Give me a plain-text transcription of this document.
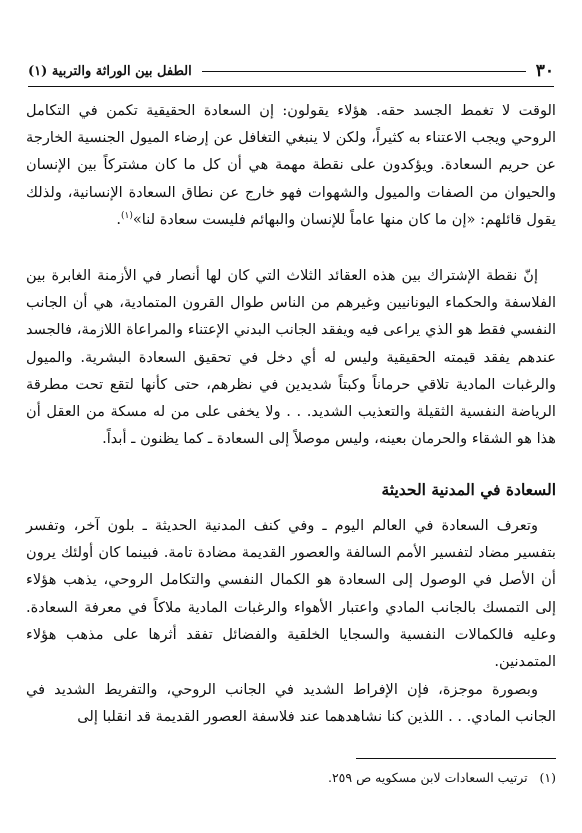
٣٠
الطفل بين الوراثة والتربية (١)

الوقت لا تغمط الجسد حقه. هؤلاء يقولون: إن السعادة الحقيقية تكمن في التكامل الروحي ويجب الاعتناء به كثيراً، ولكن لا ينبغي التغافل عن إرضاء الميول الجنسية الخارجة عن حريم السعادة. ويؤكدون على نقطة مهمة هي أن كل ما كان مشتركاً بين الإنسان والحيوان من الصفات والميول والشهوات فهو خارج عن نطاق السعادة الإنسانية، ولذلك يقول قائلهم: «إن ما كان منها عاماً للإنسان والبهائم فليست سعادة لنا»$^{(١)}$.

إنّ نقطة الإشتراك بين هذه العقائد الثلاث التي كان لها أنصار في الأزمنة الغابرة بين الفلاسفة والحكماء اليونانيين وغيرهم من الناس طوال القرون المتمادية، هي أن الجانب النفسي فقط هو الذي يراعى فيه ويفقد الجانب البدني الإعتناء والمراعاة اللازمة، فالجسد عندهم يفقد قيمته الحقيقية وليس له أي دخل في تحقيق السعادة البشرية. والميول والرغبات المادية تلاقي حرماناً وكبتاً شديدين في نظرهم، حتى كأنها لتقع تحت مطرقة الرياضة النفسية الثقيلة والتعذيب الشديد. . . ولا يخفى على من له مسكة من العقل أن هذا هو الشقاء والحرمان بعينه، وليس موصلاً إلى السعادة ـ كما يظنون ـ أبداً.

السعادة في المدنية الحديثة

وتعرف السعادة في العالم اليوم ـ وفي كنف المدنية الحديثة ـ بلون آخر، وتفسر بتفسير مضاد لتفسير الأمم السالفة والعصور القديمة مضادة تامة. فبينما كان أولئك يرون أن الأصل في الوصول إلى السعادة هو الكمال النفسي والتكامل الروحي، يذهب هؤلاء إلى التمسك بالجانب المادي واعتبار الأهواء والرغبات المادية ملاكاً في معرفة السعادة. وعليه فالكمالات النفسية والسجايا الخلقية والفضائل تفقد أثرها على مذهب هؤلاء المتمدنين.

وبصورة موجزة، فإن الإفراط الشديد في الجانب الروحي، والتفريط الشديد في الجانب المادي. . . اللذين كنا نشاهدهما عند فلاسفة العصور القديمة قد انقلبا إلى

(١)   ترتيب السعادات لابن مسكويه ص ٢٥٩.
